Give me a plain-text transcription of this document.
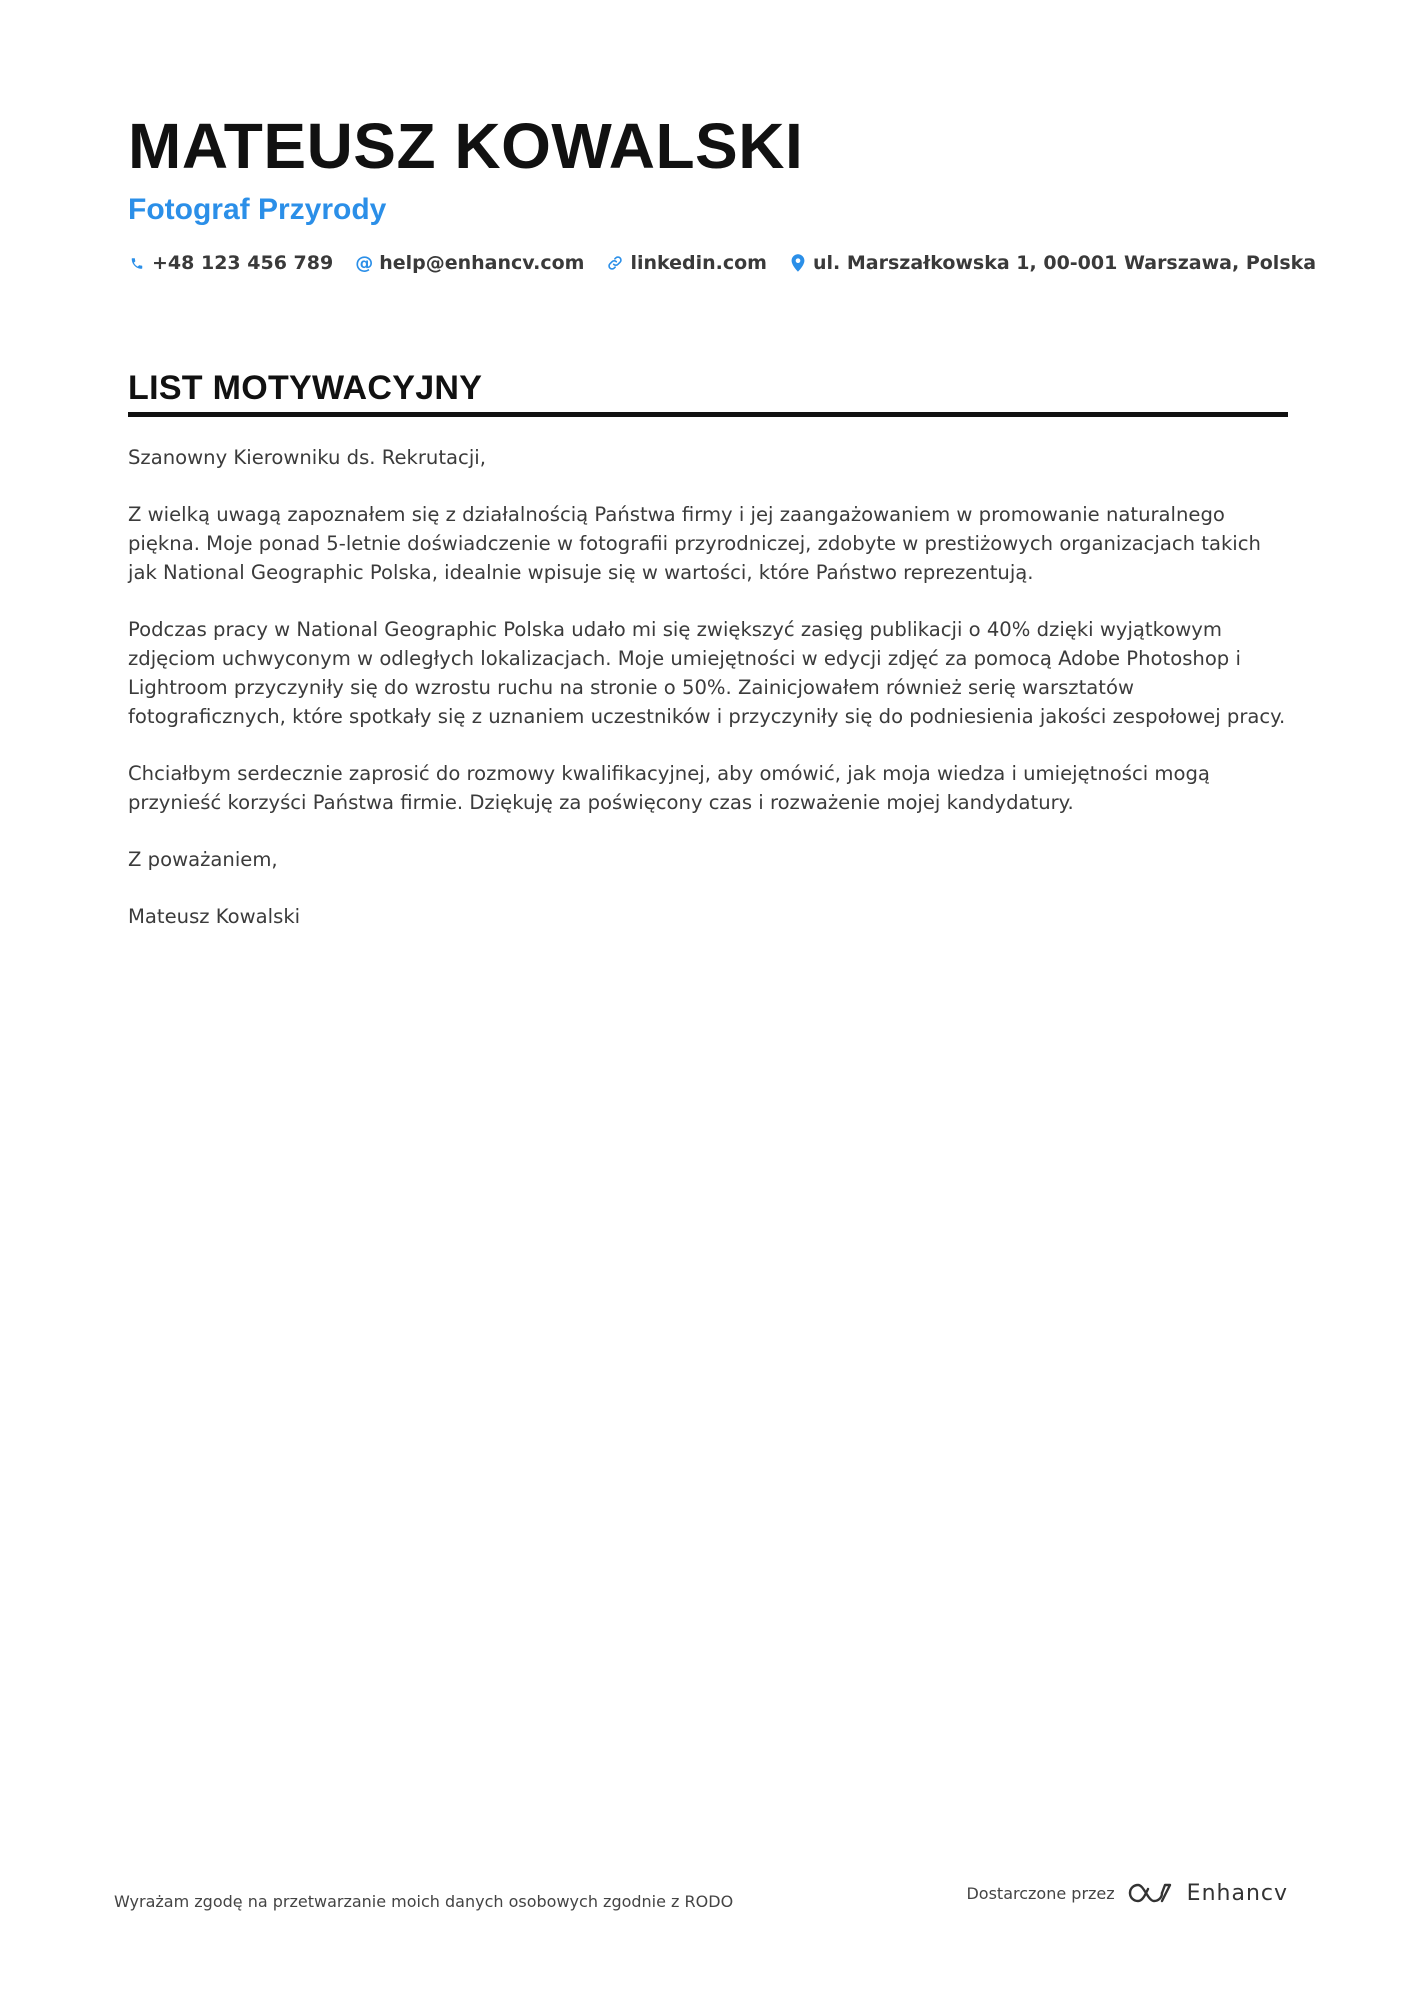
MATEUSZ KOWALSKI
Fotograf Przyrody
+48 123 456 789 @ help@enhancv.com linkedin.com ul. Marszałkowska 1, 00-001 Warszawa, Polska
LIST MOTYWACYJNY

Szanowny Kierowniku ds. Rekrutacji,

Z wielką uwagą zapoznałem się z działalnością Państwa firmy i jej zaangażowaniem w promowanie naturalnego piękna. Moje ponad 5-letnie doświadczenie w fotografii przyrodniczej, zdobyte w prestiżowych organizacjach takich jak National Geographic Polska, idealnie wpisuje się w wartości, które Państwo reprezentują.

Podczas pracy w National Geographic Polska udało mi się zwiększyć zasięg publikacji o 40% dzięki wyjątkowym zdjęciom uchwyconym w odległych lokalizacjach. Moje umiejętności w edycji zdjęć za pomocą Adobe Photoshop i Lightroom przyczyniły się do wzrostu ruchu na stronie o 50%. Zainicjowałem również serię warsztatów fotograficznych, które spotkały się z uznaniem uczestników i przyczyniły się do podniesienia jakości zespołowej pracy.

Chciałbym serdecznie zaprosić do rozmowy kwalifikacyjnej, aby omówić, jak moja wiedza i umiejętności mogą przynieść korzyści Państwa firmie. Dziękuję za poświęcony czas i rozważenie mojej kandydatury.

Z poważaniem,

Mateusz Kowalski

Wyrażam zgodę na przetwarzanie moich danych osobowych zgodnie z RODO	Dostarczone przez	Enhancv
